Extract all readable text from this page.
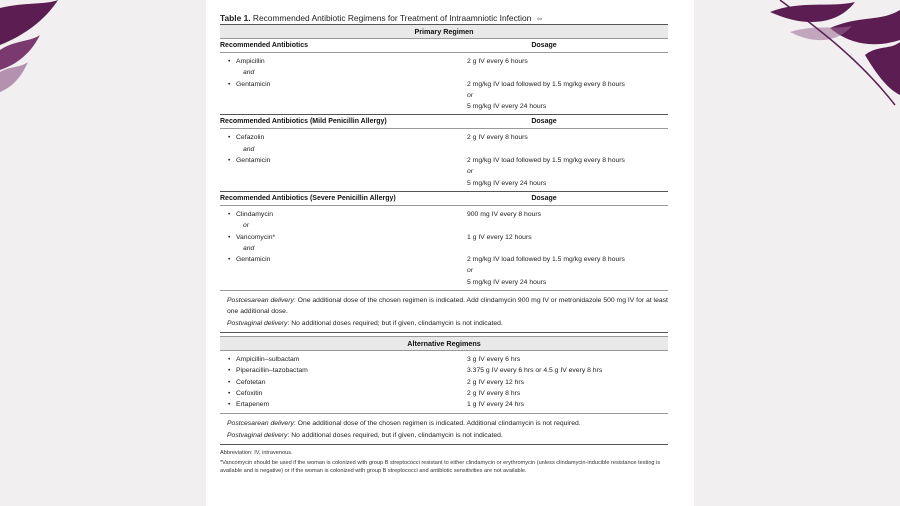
Table 1. Recommended Antibiotic Regimens for Treatment of Intraamniotic Infection ⇦
Primary Regimen
Recommended Antibiotics	Dosage
• Ampicillin	2 g IV every 6 hours
and
• Gentamicin	2 mg/kg IV load followed by 1.5 mg/kg every 8 hours
or
5 mg/kg IV every 24 hours
Recommended Antibiotics (Mild Penicillin Allergy)	Dosage
• Cefazolin	2 g IV every 8 hours
and
• Gentamicin	2 mg/kg IV load followed by 1.5 mg/kg every 8 hours
or
5 mg/kg IV every 24 hours
Recommended Antibiotics (Severe Penicillin Allergy)	Dosage
• Clindamycin	900 mg IV every 8 hours
or
• Vancomycin*	1 g IV every 12 hours
and
• Gentamicin	2 mg/kg IV load followed by 1.5 mg/kg every 8 hours
or
5 mg/kg IV every 24 hours
Postcesarean delivery: One additional dose of the chosen regimen is indicated. Add clindamycin 900 mg IV or metronidazole 500 mg IV for at least one additional dose.
Postvaginal delivery: No additional doses required; but if given, clindamycin is not indicated.
Alternative Regimens
• Ampicillin–sulbactam	3 g IV every 6 hrs
• Piperacillin–tazobactam	3.375 g IV every 6 hrs or 4.5 g IV every 8 hrs
• Cefotetan	2 g IV every 12 hrs
• Cefoxitin	2 g IV every 8 hrs
• Ertapenem	1 g IV every 24 hrs
Postcesarean delivery: One additional dose of the chosen regimen is indicated. Additional clindamycin is not required.
Postvaginal delivery: No additional doses required, but if given, clindamycin is not indicated.
Abbreviation: IV, intravenous.
*Vancomycin should be used if the woman is colonized with group B streptococci resistant to either clindamycin or erythromycin (unless clindamycin-inducible resistance testing is available and is negative) or if the woman is colonized with group B streptococci and antibiotic sensitivities are not available.
